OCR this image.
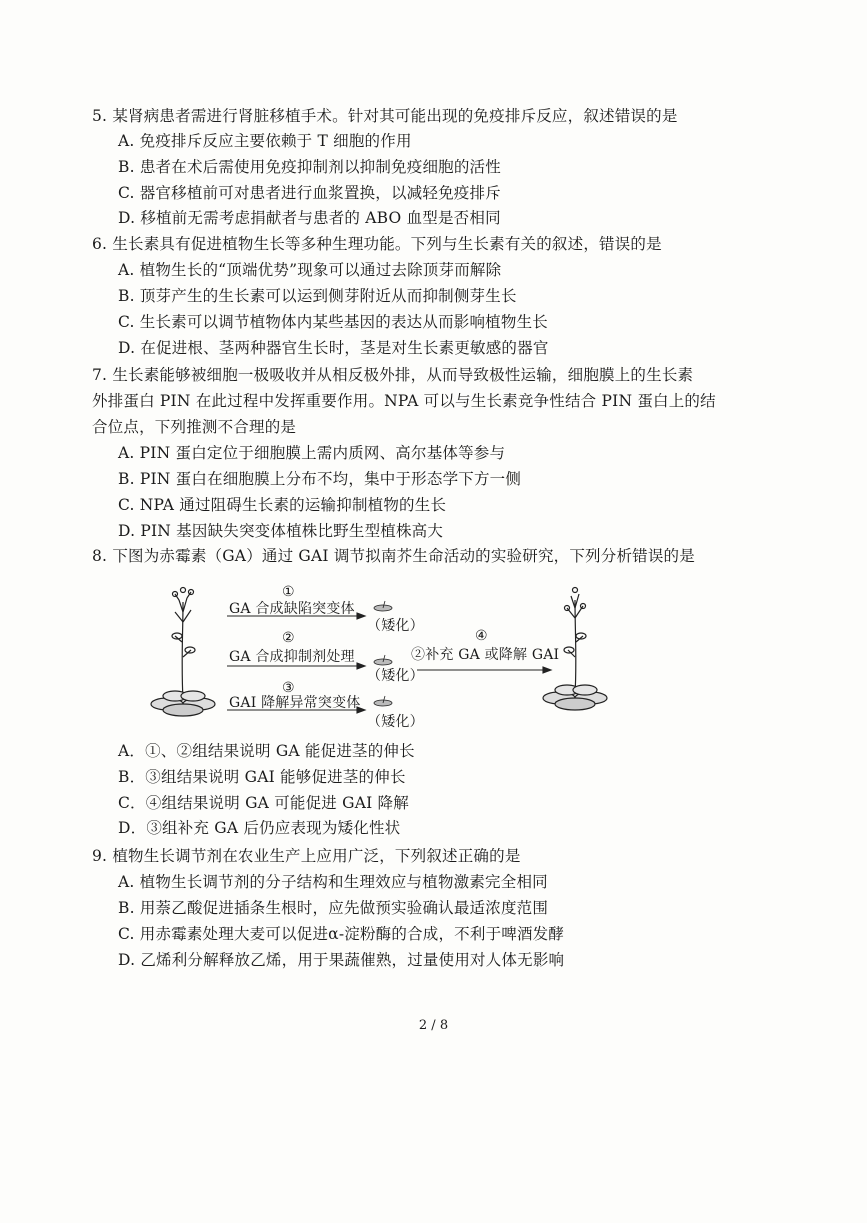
5. 某肾病患者需进行肾脏移植手术。针对其可能出现的免疫排斥反应，叙述错误的是
A. 免疫排斥反应主要依赖于 T 细胞的作用
B. 患者在术后需使用免疫抑制剂以抑制免疫细胞的活性
C. 器官移植前可对患者进行血浆置换，以减轻免疫排斥
D. 移植前无需考虑捐献者与患者的 ABO 血型是否相同
6. 生长素具有促进植物生长等多种生理功能。下列与生长素有关的叙述，错误的是
A. 植物生长的“顶端优势”现象可以通过去除顶芽而解除
B. 顶芽产生的生长素可以运到侧芽附近从而抑制侧芽生长
C. 生长素可以调节植物体内某些基因的表达从而影响植物生长
D. 在促进根、茎两种器官生长时，茎是对生长素更敏感的器官
7. 生长素能够被细胞一极吸收并从相反极外排，从而导致极性运输，细胞膜上的生长素
外排蛋白 PIN 在此过程中发挥重要作用。NPA 可以与生长素竞争性结合 PIN 蛋白上的结
合位点，下列推测不合理的是
A. PIN 蛋白定位于细胞膜上需内质网、高尔基体等参与
B. PIN 蛋白在细胞膜上分布不均，集中于形态学下方一侧
C. NPA 通过阻碍生长素的运输抑制植物的生长
D. PIN 基因缺失突变体植株比野生型植株高大
8. 下图为赤霉素（GA）通过 GAI 调节拟南芥生命活动的实验研究，下列分析错误的是
①
GA 合成缺陷突变体
（矮化）
②
GA 合成抑制剂处理
（矮化）
③
GAI 降解异常突变体
（矮化）
④
②补充 GA 或降解 GAI
A．①、②组结果说明 GA 能促进茎的伸长
B．③组结果说明 GAI 能够促进茎的伸长
C．④组结果说明 GA 可能促进 GAI 降解
D．③组补充 GA 后仍应表现为矮化性状
9. 植物生长调节剂在农业生产上应用广泛，下列叙述正确的是
A. 植物生长调节剂的分子结构和生理效应与植物激素完全相同
B. 用萘乙酸促进插条生根时，应先做预实验确认最适浓度范围
C. 用赤霉素处理大麦可以促进α-淀粉酶的合成，不利于啤酒发酵
D. 乙烯利分解释放乙烯，用于果蔬催熟，过量使用对人体无影响
2 / 8
